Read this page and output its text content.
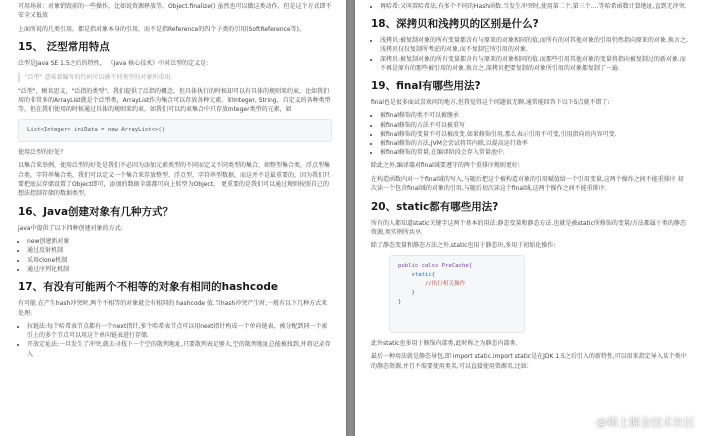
可用场景：对象销毁前的一些操作，比如说资源释放等。Object.finalize() 虽然也可以做这类动作，但是这个方式即不安全又低效

上面所说的几类引用，都是指对象本身的引用，而不是指Reference的四个子类的引用(SoftReference等)。

15、 泛型常用特点

泛型是Java SE 1.5之后的特性， 《Java 核心技术》中对泛型的定义是：

"泛型" 意味着编写的代码可以被不同类型的对象所重用。

"泛型"，顾名思义，"泛指的类型"。我们提供了泛指的概念，但具体执行的时候却可以有具体的规则来约束，比如我们用的非常多的ArrayList就是个泛型类，ArrayList作为集合可以存放各种元素，如Integer, String，自定义的各种类型等，但在我们使用的时候通过具体的规则来约束，如我们可以约束集合中只存放Integer类型的元素，如

List<Integer> iniData = new ArrayList<>()

使用泛型的好处？

以集合来举例，使用泛型的好处是我们不必因为添加元素类型的不同而定义不同类型的集合，如整型集合类，浮点型集合类，字符串集合类，我们可以定义一个集合来存放整型、浮点型，字符串型数据，而这并不是最重要的，因为我们只要把底层存储设置了Object即可，添加的数据全部都可向上转型为Object。 更重要的是我们可以通过规则按照自己的想法控制存储的数据类型。

16、Java创建对象有几种方式？

java中提供了以下四种创建对象的方式:

• new创建新对象
• 通过反射机制
• 采用clone机制
• 通过序列化机制
17、有没有可能两个不相等的对象有相同的hashcode

有可能.在产生hash冲突时,两个不相等的对象就会有相同的 hashcode 值.当hash冲突产生时,一般有以下几种方式来处理:

• 拉链法:每个哈希表节点都有一个next指针,多个哈希表节点可以用next指针构成一个单向链表，被分配到同一个索引上的多个节点可以用这个单向链表进行存储.
• 开放定址法:一旦发生了冲突,就去寻找下一个空的散列地址,只要散列表足够大,空的散列地址总能被找到,并将记录存入
• 再哈希:又叫双哈希法,有多个不同的Hash函数.当发生冲突时,使用第二个,第三个….等哈希函数计算地址,直到无冲突.
18、深拷贝和浅拷贝的区别是什么?
• 浅拷贝:被复制对象的所有变量都含有与原来的对象相同的值,而所有的对其他对象的引用仍然指向原来的对象.换言之,浅拷贝仅仅复制所考虑的对象,而不复制它所引用的对象.
• 深拷贝:被复制对象的所有变量都含有与原来的对象相同的值.而那些引用其他对象的变量将指向被复制过的新对象.而不再是原有的那些被引用的对象.换言之.深拷贝把要复制的对象所引用的对象都复制了一遍.
19、final有哪些用法?

final也是很多面试喜欢问的地方,但我觉得这个问题很无聊,通常能回答下以下5点就不错了:

• 被final修饰的类不可以被继承
• 被final修饰的方法不可以被重写
• 被final修饰的变量不可以被改变.如果修饰引用,那么表示引用不可变,引用指向的内容可变.
• 被final修饰的方法,JVM会尝试将其内联,以提高运行效率
• 被final修饰的常量,在编译阶段会存入常量池中.

除此之外,编译器对final域要遵守的两个重排序规则更好:

在构造函数内对一个final域的写入,与随后把这个被构造对象的引用赋值给一个引用变量,这两个操作之间不能重排序 初次读一个包含final域的对象的引用,与随后初次读这个final域,这两个操作之间不能重排序.

20、static都有哪些用法?

所有的人都知道static关键字这两个基本的用法:静态变量和静态方法.也就是被static所修饰的变量/方法都属于类的静态资源,类实例所共享.

除了静态变量和静态方法之外,static也用于静态块,多用于初始化操作:

public calss PreCache{
static{
//执行相关操作
}
}

此外static也多用于修饰内部类,此时称之为静态内部类.

最后一种用法就是静态导包,即 import static.import static是在JDK 1.5之后引入的新特性,可以用来指定导入某个类中的静态资源,并且不需要使用类名,可以直接使用资源名,比如:

@稀土掘金技术社区
